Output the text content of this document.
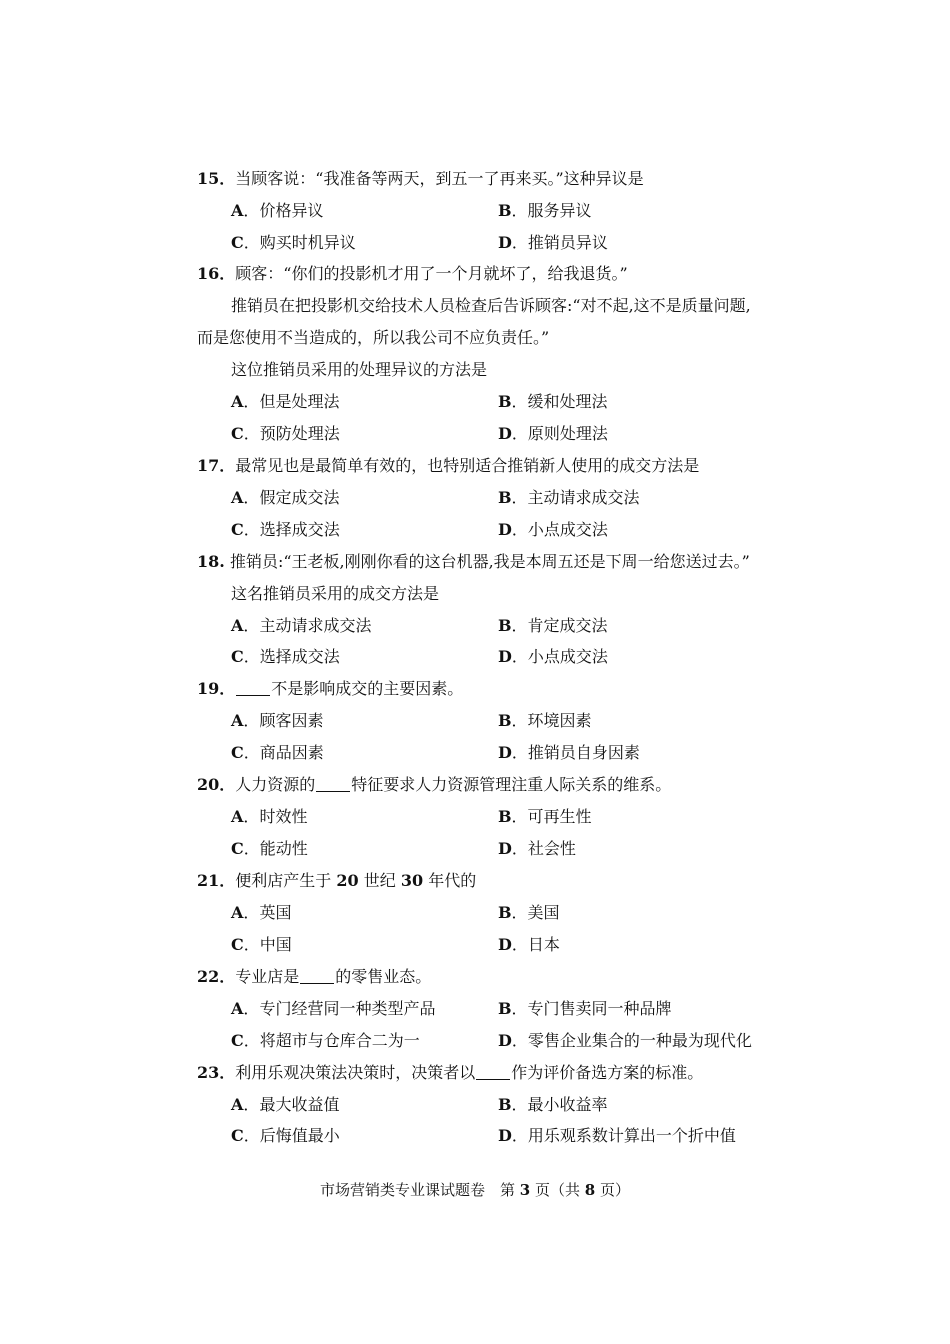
15．当顾客说：“我准备等两天，到五一了再来买。”这种异议是
A．价格异议	B．服务异议
C．购买时机异议	D．推销员异议
16．顾客：“你们的投影机才用了一个月就坏了，给我退货。”
推销员在把投影机交给技术人员检查后告诉顾客:“对不起,这不是质量问题,
而是您使用不当造成的，所以我公司不应负责任。”
这位推销员采用的处理异议的方法是
A．但是处理法	B．缓和处理法
C．预防处理法	D．原则处理法
17．最常见也是最简单有效的，也特别适合推销新人使用的成交方法是
A．假定成交法	B．主动请求成交法
C．选择成交法	D．小点成交法
18. 推销员:“王老板,刚刚你看的这台机器,我是本周五还是下周一给您送过去。”
这名推销员采用的成交方法是
A．主动请求成交法	B．肯定成交法
C．选择成交法	D．小点成交法
19． 不是影响成交的主要因素。
A．顾客因素	B．环境因素
C．商品因素	D．推销员自身因素
20．人力资源的 特征要求人力资源管理注重人际关系的维系。
A．时效性	B．可再生性
C．能动性	D．社会性
21．便利店产生于 20 世纪 30 年代的
A．英国	B．美国
C．中国	D．日本
22．专业店是 的零售业态。
A．专门经营同一种类型产品	B．专门售卖同一种品牌
C．将超市与仓库合二为一	D．零售企业集合的一种最为现代化
23．利用乐观决策法决策时，决策者以 作为评价备选方案的标准。
A．最大收益值	B．最小收益率
C．后悔值最小	D．用乐观系数计算出一个折中值
市场营销类专业课试题卷　第 3 页（共 8 页）
